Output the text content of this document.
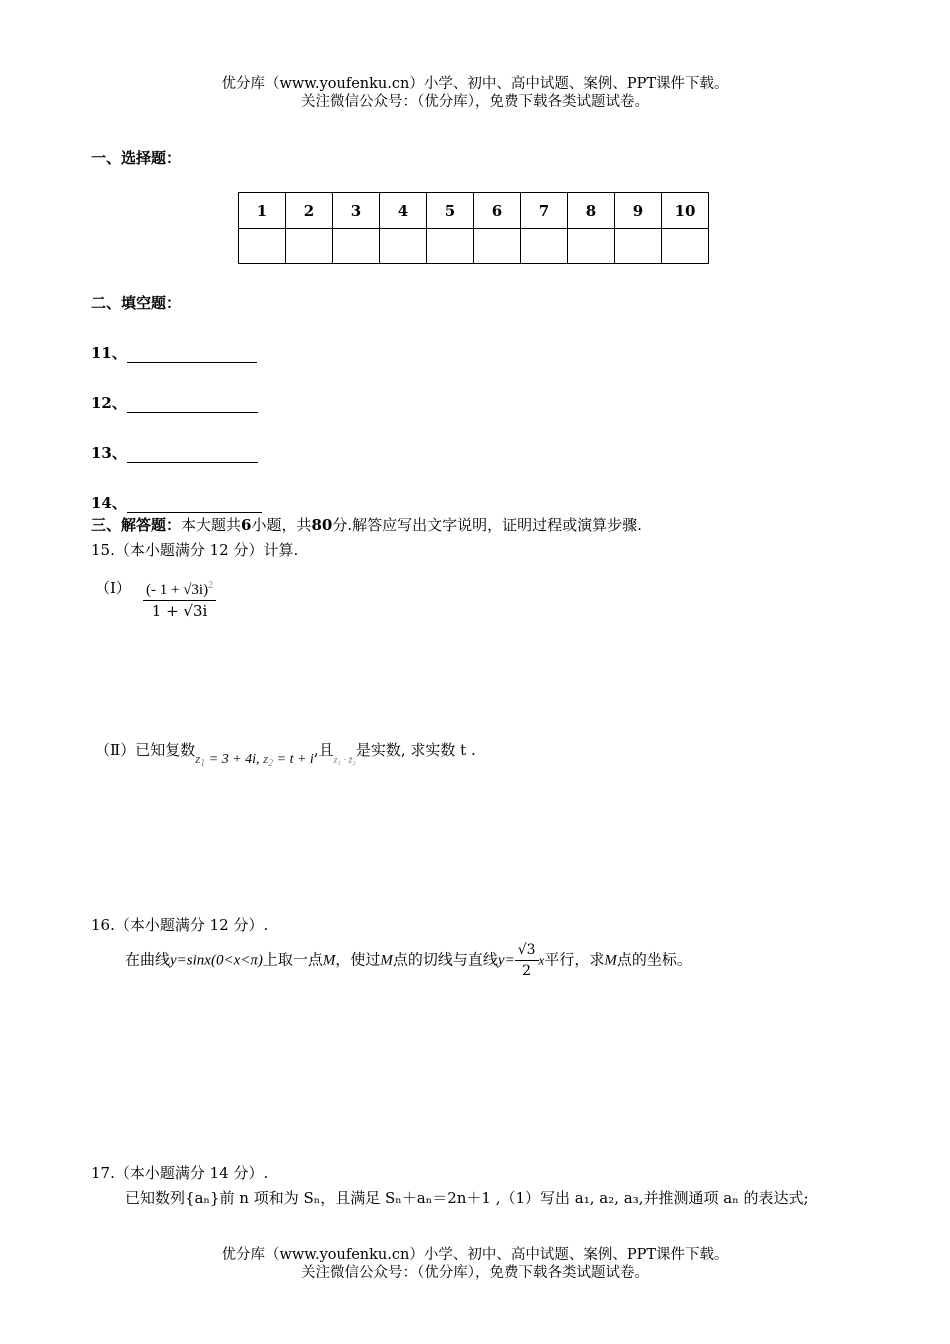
优分库（www.youfenku.cn）小学、初中、高中试题、案例、PPT课件下载。
关注微信公众号：（优分库），免费下载各类试题试卷。
一、选择题：
1	2	3	4	5	6	7	8	9	10

二、填空题：
11、
12、
13、
14、
三、解答题：本大题共6小题，共80分.解答应写出文字说明，证明过程或演算步骤.
15.（本小题满分 12 分）计算.
（Ⅰ） $\frac{(- 1 + √3i)^2}{1 + √3i}$
（Ⅱ）已知复数$z_1 = 3 + 4i$, $z_2 = t + i$,且$_{z_1 \cdot z̄_2}$是实数, 求实数 t .
16.（本小题满分 12 分）.
在曲线y=sinx(0<x<π)上取一点M，使过M点的切线与直线$y= \frac{√3}{2}$ x平行，求M点的坐标。
17.（本小题满分 14 分）.
已知数列{aₙ}前 n 项和为 Sₙ，且满足 Sₙ＋aₙ＝2n＋1 ,（1）写出 a₁, a₂, a₃,并推测通项 aₙ 的表达式;
优分库（www.youfenku.cn）小学、初中、高中试题、案例、PPT课件下载。
关注微信公众号：（优分库），免费下载各类试题试卷。
